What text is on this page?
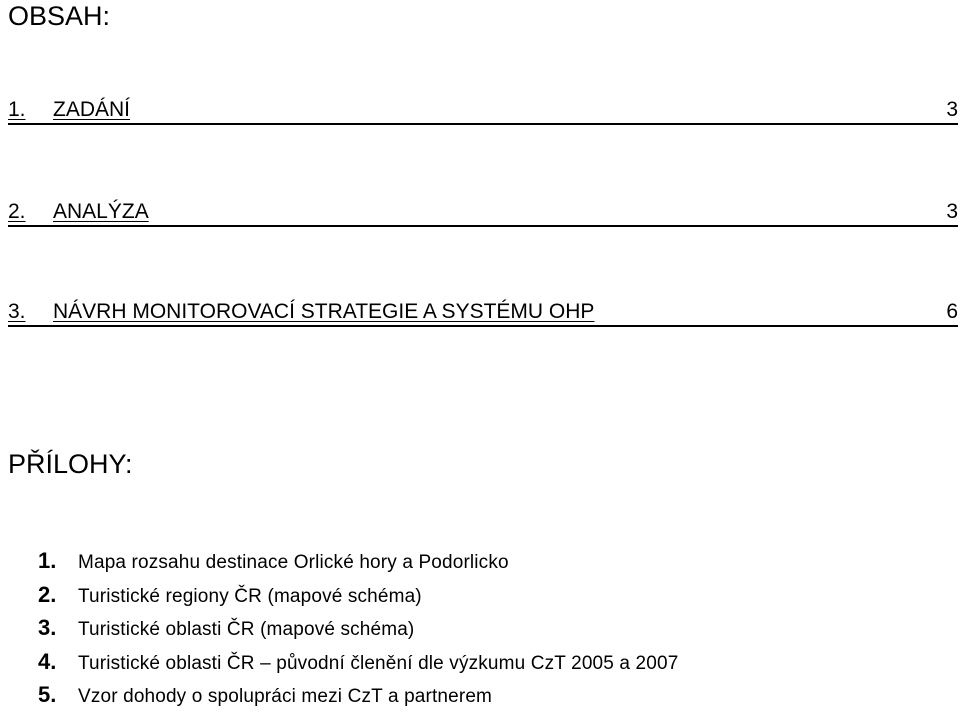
OBSAH:
1. ZADÁNÍ	3
2. ANALÝZA	3
3. NÁVRH MONITOROVACÍ STRATEGIE A SYSTÉMU OHP	6
PŘÍLOHY:
1. Mapa rozsahu destinace Orlické hory a Podorlicko
2. Turistické regiony ČR (mapové schéma)
3. Turistické oblasti ČR (mapové schéma)
4. Turistické oblasti ČR – původní členění dle výzkumu CzT 2005 a 2007
5. Vzor dohody o spolupráci mezi CzT a partnerem
